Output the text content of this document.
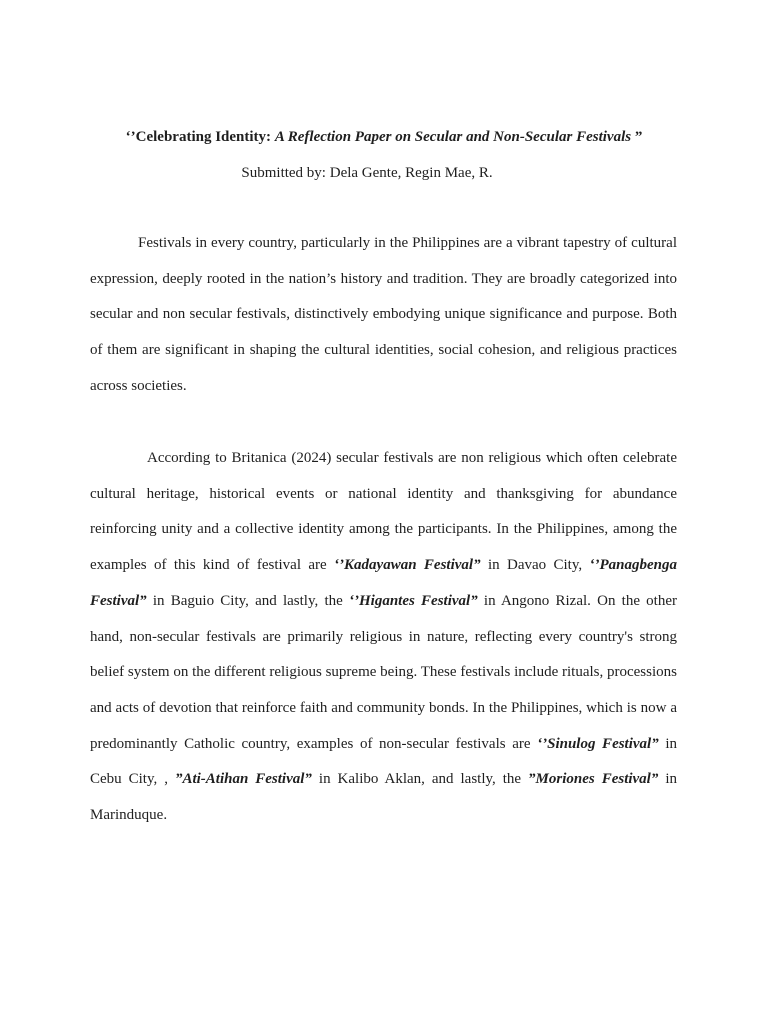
‘’Celebrating Identity: A Reflection Paper on Secular and Non-Secular Festivals ”
Submitted by: Dela Gente, Regin Mae, R.

Festivals in every country, particularly in the Philippines are a vibrant tapestry of cultural expression, deeply rooted in the nation’s history and tradition. They are broadly categorized into secular and non secular festivals, distinctively embodying unique significance and purpose. Both of them are significant in shaping the cultural identities, social cohesion, and religious practices across societies.

According to Britanica (2024) secular festivals are non religious which often celebrate cultural heritage, historical events or national identity and thanksgiving for abundance reinforcing unity and a collective identity among the participants. In the Philippines, among the examples of this kind of festival are ‘’Kadayawan Festival” in Davao City, ‘’Panagbenga Festival” in Baguio City, and lastly, the ‘’Higantes Festival” in Angono Rizal. On the other hand, non-secular festivals are primarily religious in nature, reflecting every country's strong belief system on the different religious supreme being. These festivals include rituals, processions and acts of devotion that reinforce faith and community bonds. In the Philippines, which is now a predominantly Catholic country, examples of non-secular festivals are ‘’Sinulog Festival” in Cebu City, , ”Ati-Atihan Festival” in Kalibo Aklan, and lastly, the ”Moriones Festival” in Marinduque.
